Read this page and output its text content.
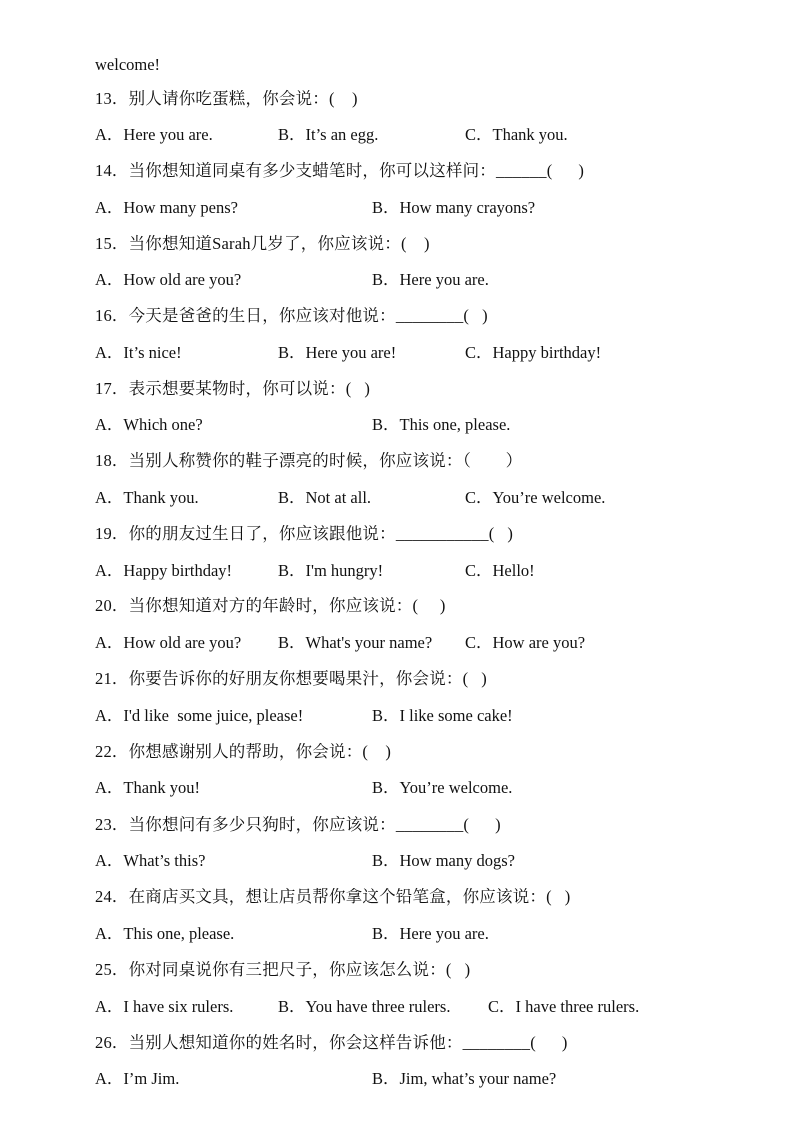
welcome!
13．别人请你吃蛋糕，你会说：(    )
A．Here you are.	B．It’s an egg.	C．Thank you.
14．当你想知道同桌有多少支蜡笔时，你可以这样问：______(      )
A．How many pens?	B．How many crayons?
15．当你想知道Sarah几岁了，你应该说：(    )
A．How old are you?	B．Here you are.
16．今天是爸爸的生日，你应该对他说：________(   )
A．It’s nice!	B．Here you are!	C．Happy birthday!
17．表示想要某物时，你可以说：(   )
A．Which one?	B．This one, please.
18．当别人称赞你的鞋子漂亮的时候，你应该说：（        ）
A．Thank you.	B．Not at all.	C．You’re welcome.
19．你的朋友过生日了，你应该跟他说：___________(   )
A．Happy birthday!	B．I'm hungry!	C．Hello!
20．当你想知道对方的年龄时，你应该说：(     )
A．How old are you? B．What's your name? C．How are you?
21．你要告诉你的好朋友你想要喝果汁，你会说：(   )
A．I'd like  some juice, please!	B．I like some cake!
22．你想感谢别人的帮助，你会说：(    )
A．Thank you!	B．You’re welcome.
23．当你想问有多少只狗时，你应该说：________(      )
A．What’s this?	B．How many dogs?
24．在商店买文具，想让店员帮你拿这个铅笔盒，你应该说：(   )
A．This one, please.	B．Here you are.
25．你对同桌说你有三把尺子，你应该怎么说：(   )
A．I have six rulers.	B．You have three rulers. C．I have three rulers.
26．当别人想知道你的姓名时，你会这样告诉他：________(      )
A．I’m Jim.	B．Jim, what’s your name?
